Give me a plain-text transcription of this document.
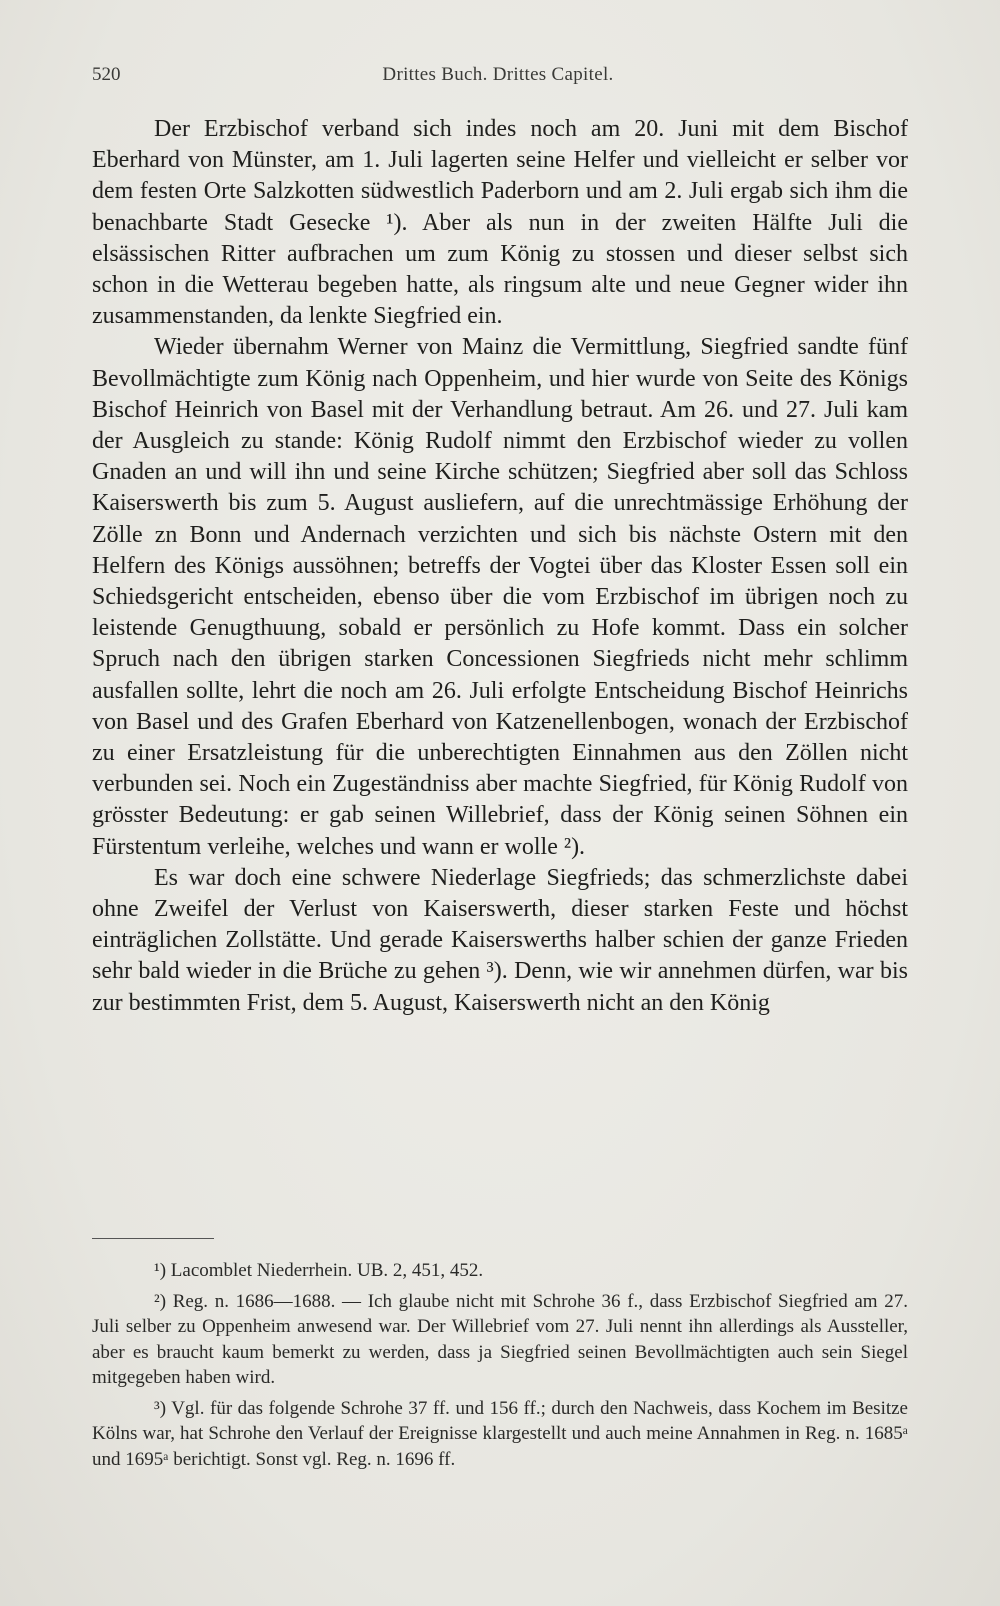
520	Drittes Buch. Drittes Capitel.

Der Erzbischof verband sich indes noch am 20. Juni mit dem Bischof Eberhard von Münster, am 1. Juli lagerten seine Helfer und vielleicht er selber vor dem festen Orte Salzkotten südwestlich Paderborn und am 2. Juli ergab sich ihm die benachbarte Stadt Gesecke ¹). Aber als nun in der zweiten Hälfte Juli die elsässischen Ritter aufbrachen um zum König zu stossen und dieser selbst sich schon in die Wetterau begeben hatte, als ringsum alte und neue Gegner wider ihn zusammenstanden, da lenkte Siegfried ein.

Wieder übernahm Werner von Mainz die Vermittlung, Siegfried sandte fünf Bevollmächtigte zum König nach Oppenheim, und hier wurde von Seite des Königs Bischof Heinrich von Basel mit der Verhandlung betraut. Am 26. und 27. Juli kam der Ausgleich zu stande: König Rudolf nimmt den Erzbischof wieder zu vollen Gnaden an und will ihn und seine Kirche schützen; Siegfried aber soll das Schloss Kaiserswerth bis zum 5. August ausliefern, auf die unrechtmässige Erhöhung der Zölle zn Bonn und Andernach verzichten und sich bis nächste Ostern mit den Helfern des Königs aussöhnen; betreffs der Vogtei über das Kloster Essen soll ein Schiedsgericht entscheiden, ebenso über die vom Erzbischof im übrigen noch zu leistende Genugthuung, sobald er persönlich zu Hofe kommt. Dass ein solcher Spruch nach den übrigen starken Concessionen Siegfrieds nicht mehr schlimm ausfallen sollte, lehrt die noch am 26. Juli erfolgte Entscheidung Bischof Heinrichs von Basel und des Grafen Eberhard von Katzenellenbogen, wonach der Erzbischof zu einer Ersatzleistung für die unberechtigten Einnahmen aus den Zöllen nicht verbunden sei. Noch ein Zugeständniss aber machte Siegfried, für König Rudolf von grösster Bedeutung: er gab seinen Willebrief, dass der König seinen Söhnen ein Fürstentum verleihe, welches und wann er wolle ²).

Es war doch eine schwere Niederlage Siegfrieds; das schmerzlichste dabei ohne Zweifel der Verlust von Kaiserswerth, dieser starken Feste und höchst einträglichen Zollstätte. Und gerade Kaiserswerths halber schien der ganze Frieden sehr bald wieder in die Brüche zu gehen ³). Denn, wie wir annehmen dürfen, war bis zur bestimmten Frist, dem 5. August, Kaiserswerth nicht an den König

¹) Lacomblet Niederrhein. UB. 2, 451, 452.

²) Reg. n. 1686—1688. — Ich glaube nicht mit Schrohe 36 f., dass Erzbischof Siegfried am 27. Juli selber zu Oppenheim anwesend war. Der Willebrief vom 27. Juli nennt ihn allerdings als Aussteller, aber es braucht kaum bemerkt zu werden, dass ja Siegfried seinen Bevollmächtigten auch sein Siegel mitgegeben haben wird.

³) Vgl. für das folgende Schrohe 37 ff. und 156 ff.; durch den Nachweis, dass Kochem im Besitze Kölns war, hat Schrohe den Verlauf der Ereignisse klargestellt und auch meine Annahmen in Reg. n. 1685ᵃ und 1695ᵃ berichtigt. Sonst vgl. Reg. n. 1696 ff.
